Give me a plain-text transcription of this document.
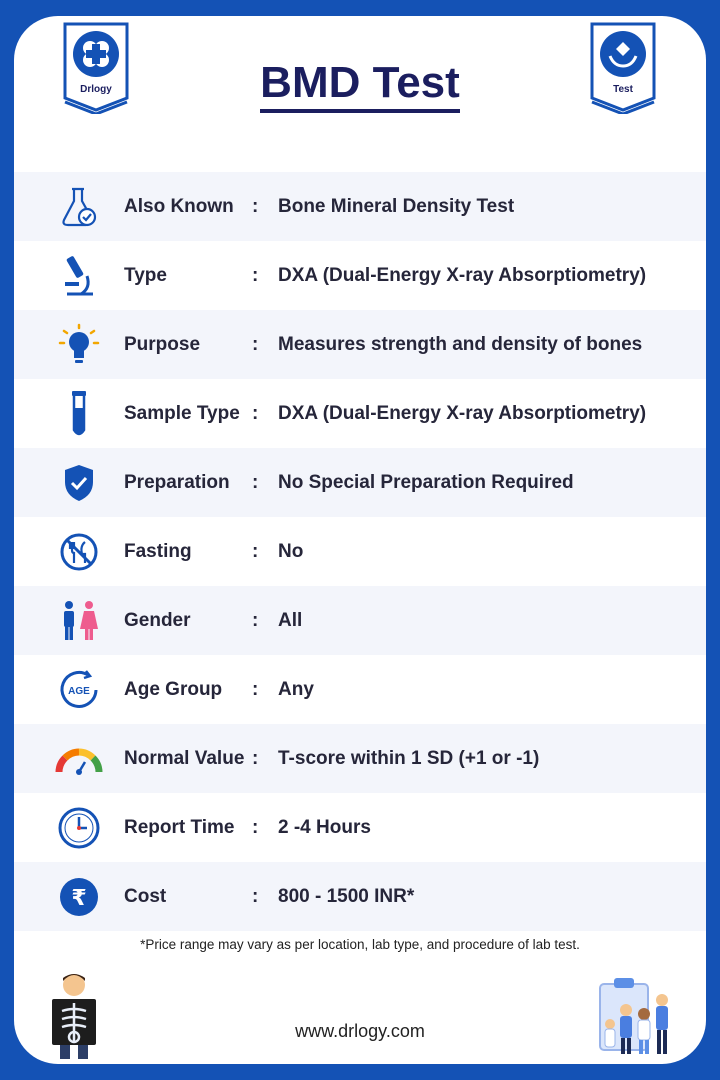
Drlogy	Test
BMD Test
Also Known : Bone Mineral Density Test
Type	: DXA (Dual-Energy X-ray Absorptiometry)
Purpose	: Measures strength and density of bones
Sample Type : DXA (Dual-Energy X-ray Absorptiometry)
Preparation : No Special Preparation Required
Fasting	: No
Gender	: All
AGE Age Group : Any
Normal Value : T-score within 1 SD (+1 or -1)
Report Time : 2 -4 Hours
₹ Cost	: 800 - 1500 INR*
*Price range may vary as per location, lab type, and procedure of lab test.
www.drlogy.com
